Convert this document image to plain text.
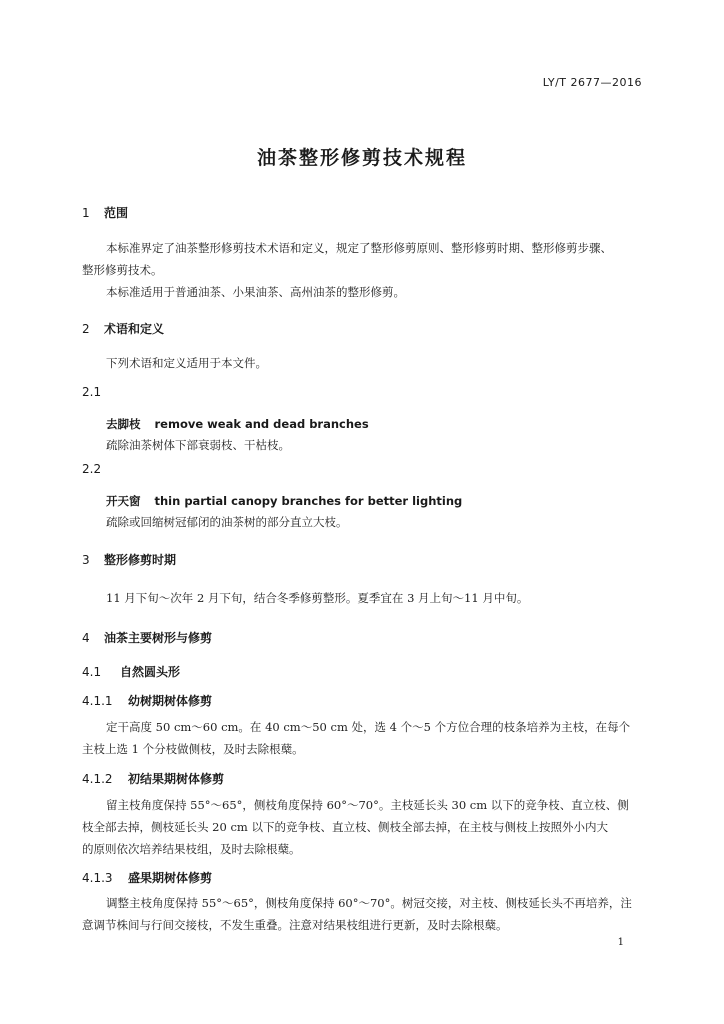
LY/T 2677—2016
油茶整形修剪技术规程
1 范围
本标准界定了油茶整形修剪技术术语和定义，规定了整形修剪原则、整形修剪时期、整形修剪步骤、
整形修剪技术。
本标准适用于普通油茶、小果油茶、高州油茶的整形修剪。
2 术语和定义
下列术语和定义适用于本文件。
2.1
去脚枝 remove weak and dead branches
疏除油茶树体下部衰弱枝、干枯枝。
2.2
开天窗 thin partial canopy branches for better lighting
疏除或回缩树冠郁闭的油茶树的部分直立大枝。
3 整形修剪时期
11 月下旬～次年 2 月下旬，结合冬季修剪整形。夏季宜在 3 月上旬～11 月中旬。
4 油茶主要树形与修剪
4.1 自然圆头形
4.1.1 幼树期树体修剪
定干高度 50 cm～60 cm。在 40 cm～50 cm 处，选 4 个～5 个方位合理的枝条培养为主枝，在每个
主枝上选 1 个分枝做侧枝，及时去除根蘖。
4.1.2 初结果期树体修剪
留主枝角度保持 55°～65°，侧枝角度保持 60°～70°。主枝延长头 30 cm 以下的竞争枝、直立枝、侧
枝全部去掉，侧枝延长头 20 cm 以下的竞争枝、直立枝、侧枝全部去掉，在主枝与侧枝上按照外小内大
的原则依次培养结果枝组，及时去除根蘖。
4.1.3 盛果期树体修剪
调整主枝角度保持 55°～65°，侧枝角度保持 60°～70°。树冠交接，对主枝、侧枝延长头不再培养，注
意调节株间与行间交接枝，不发生重叠。注意对结果枝组进行更新，及时去除根蘖。
1
